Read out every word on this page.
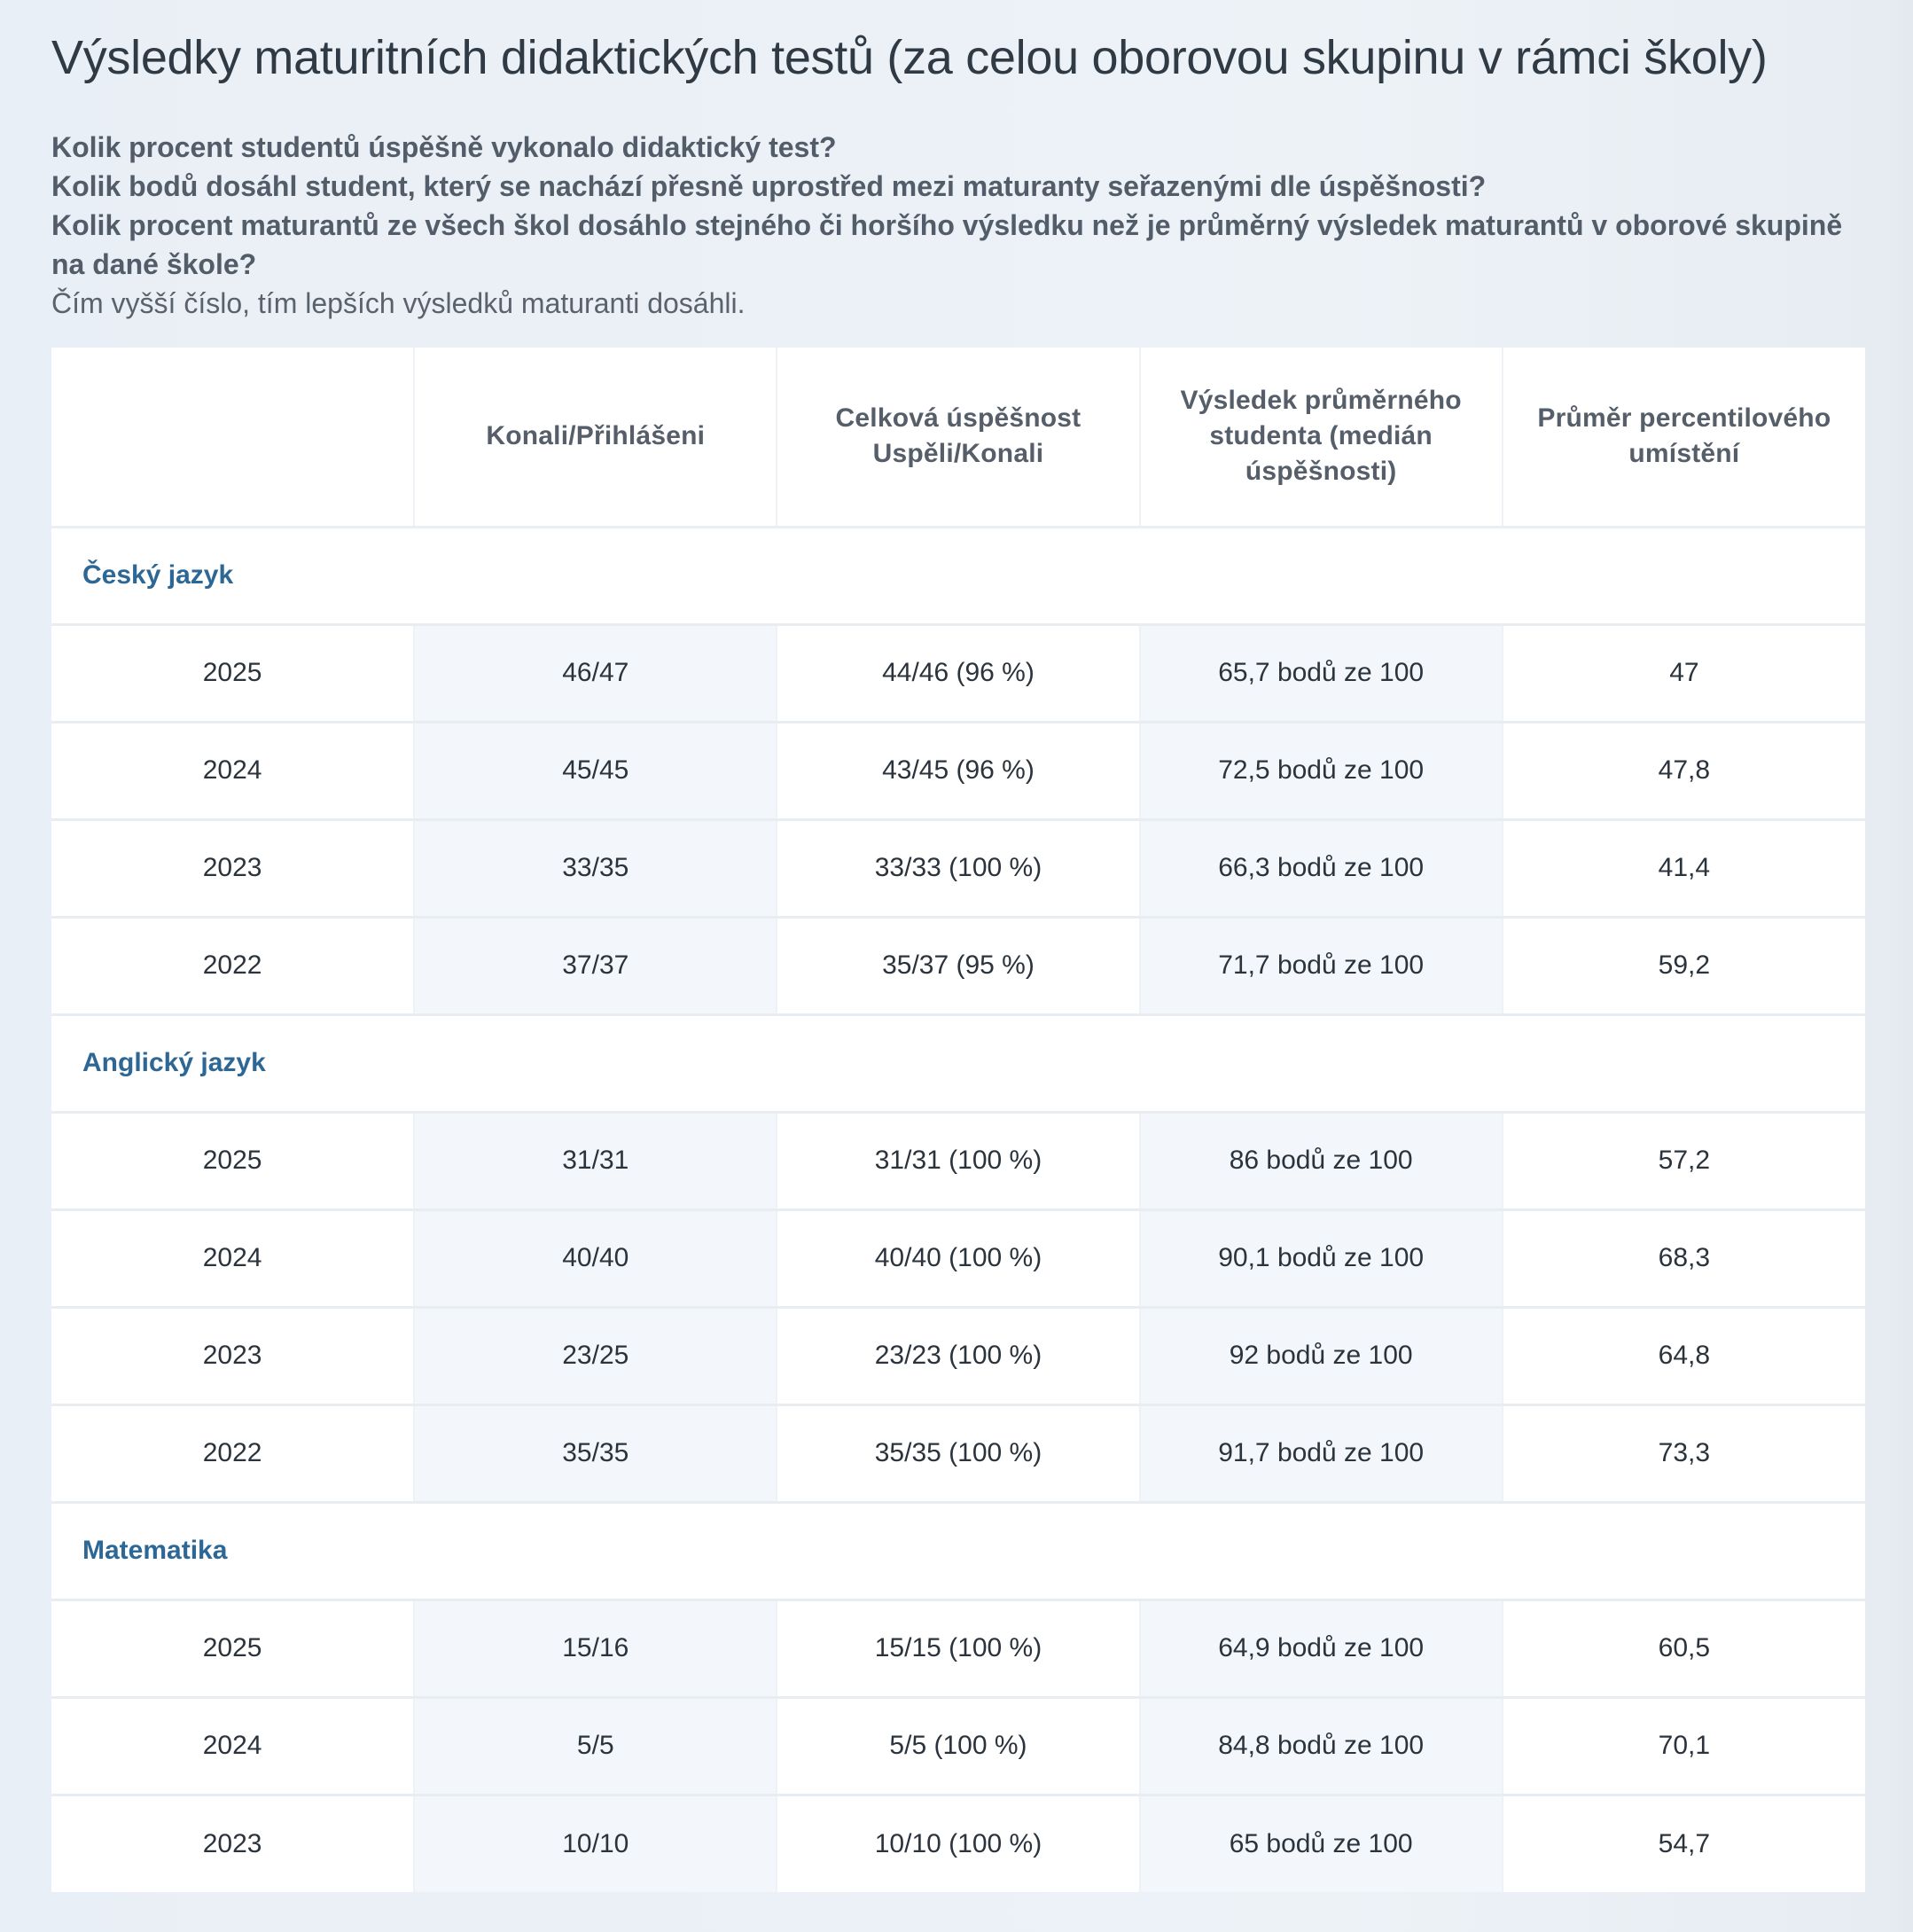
Výsledky maturitních didaktických testů (za celou oborovou skupinu v rámci školy)
Kolik procent studentů úspěšně vykonalo didaktický test?
Kolik bodů dosáhl student, který se nachází přesně uprostřed mezi maturanty seřazenými dle úspěšnosti?
Kolik procent maturantů ze všech škol dosáhlo stejného či horšího výsledku než je průměrný výsledek maturantů v oborové skupině na dané škole?
Čím vyšší číslo, tím lepších výsledků maturanti dosáhli.
	Konali/Přihlášeni	Celková úspěšnost Uspěli/Konali	Výsledek průměrného studenta (medián úspěšnosti)	Průměr percentilového umístění
Český jazyk				
2025	46/47	44/46 (96 %)	65,7 bodů ze 100	47
2024	45/45	43/45 (96 %)	72,5 bodů ze 100	47,8
2023	33/35	33/33 (100 %)	66,3 bodů ze 100	41,4
2022	37/37	35/37 (95 %)	71,7 bodů ze 100	59,2
Anglický jazyk				
2025	31/31	31/31 (100 %)	86 bodů ze 100	57,2
2024	40/40	40/40 (100 %)	90,1 bodů ze 100	68,3
2023	23/25	23/23 (100 %)	92 bodů ze 100	64,8
2022	35/35	35/35 (100 %)	91,7 bodů ze 100	73,3
Matematika				
2025	15/16	15/15 (100 %)	64,9 bodů ze 100	60,5
2024	5/5	5/5 (100 %)	84,8 bodů ze 100	70,1
2023	10/10	10/10 (100 %)	65 bodů ze 100	54,7
